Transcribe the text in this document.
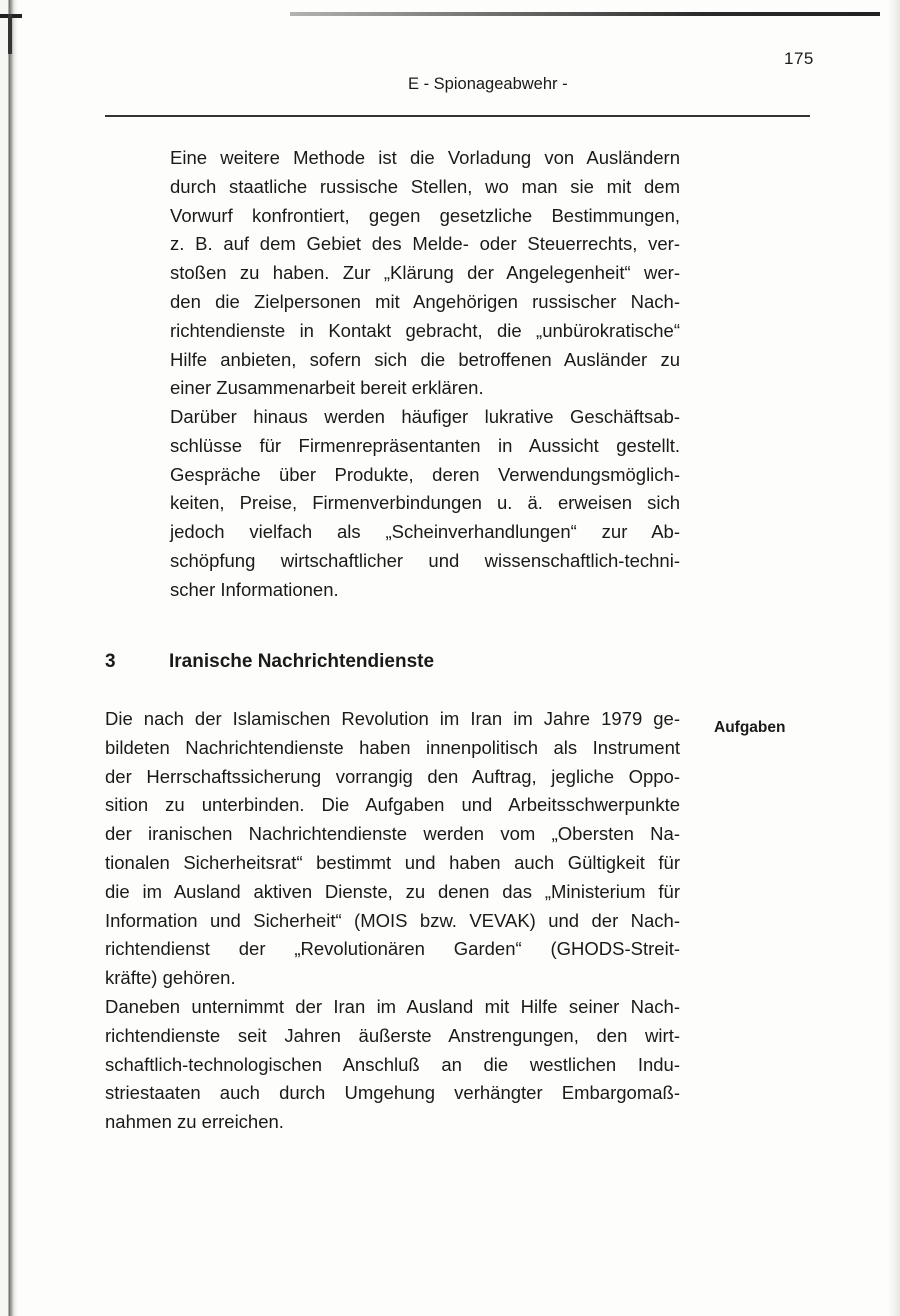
175
E - Spionageabwehr -

Eine weitere Methode ist die Vorladung von Ausländern
durch staatliche russische Stellen, wo man sie mit dem
Vorwurf konfrontiert, gegen gesetzliche Bestimmungen,
z. B. auf dem Gebiet des Melde- oder Steuerrechts, ver-
stoßen zu haben. Zur „Klärung der Angelegenheit“ wer-
den die Zielpersonen mit Angehörigen russischer Nach-
richtendienste in Kontakt gebracht, die „unbürokratische“
Hilfe anbieten, sofern sich die betroffenen Ausländer zu
einer Zusammenarbeit bereit erklären.

Darüber hinaus werden häufiger lukrative Geschäftsab-
schlüsse für Firmenrepräsentanten in Aussicht gestellt.
Gespräche über Produkte, deren Verwendungsmöglich-
keiten, Preise, Firmenverbindungen u. ä. erweisen sich
jedoch vielfach als „Scheinverhandlungen“ zur Ab-
schöpfung wirtschaftlicher und wissenschaftlich-techni-
scher Informationen.

3	Iranische Nachrichtendienste
Aufgaben

Die nach der Islamischen Revolution im Iran im Jahre 1979 ge-
bildeten Nachrichtendienste haben innenpolitisch als Instrument
der Herrschaftssicherung vorrangig den Auftrag, jegliche Oppo-
sition zu unterbinden. Die Aufgaben und Arbeitsschwerpunkte
der iranischen Nachrichtendienste werden vom „Obersten Na-
tionalen Sicherheitsrat“ bestimmt und haben auch Gültigkeit für
die im Ausland aktiven Dienste, zu denen das „Ministerium für
Information und Sicherheit“ (MOIS bzw. VEVAK) und der Nach-
richtendienst der „Revolutionären Garden“ (GHODS-Streit-
kräfte) gehören.

Daneben unternimmt der Iran im Ausland mit Hilfe seiner Nach-
richtendienste seit Jahren äußerste Anstrengungen, den wirt-
schaftlich-technologischen Anschluß an die westlichen Indu-
striestaaten auch durch Umgehung verhängter Embargomaß-
nahmen zu erreichen.
